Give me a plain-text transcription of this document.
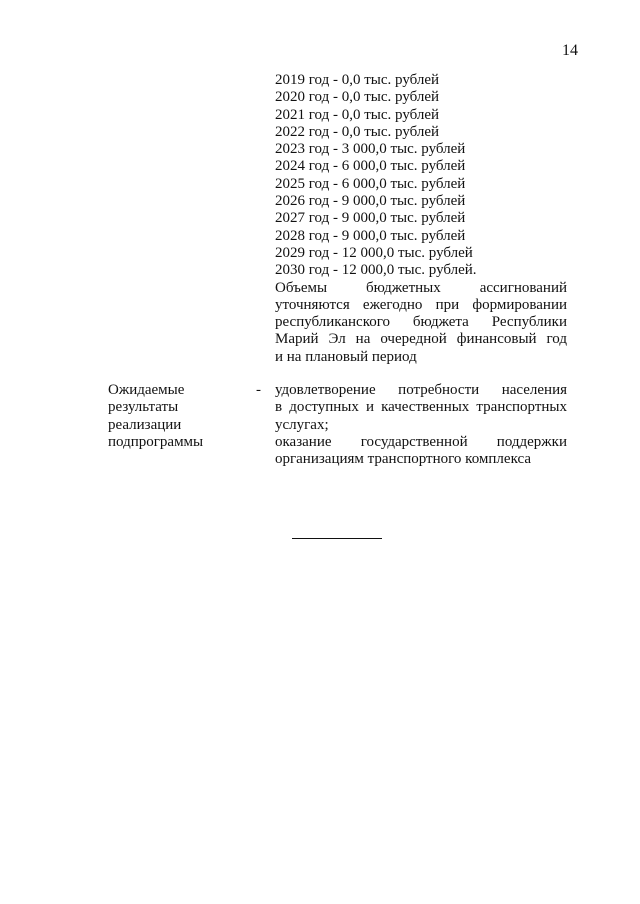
14
2019 год - 0,0 тыс. рублей
2020 год - 0,0 тыс. рублей
2021 год - 0,0 тыс. рублей
2022 год - 0,0 тыс. рублей
2023 год - 3 000,0 тыс. рублей
2024 год - 6 000,0 тыс. рублей
2025 год - 6 000,0 тыс. рублей
2026 год - 9 000,0 тыс. рублей
2027 год - 9 000,0 тыс. рублей
2028 год - 9 000,0 тыс. рублей
2029 год - 12 000,0 тыс. рублей
2030 год - 12 000,0 тыс. рублей.
Объемы бюджетных ассигнований
уточняются ежегодно при формировании
республиканского бюджета Республики
Марий Эл на очередной финансовый год
и на плановый период
Ожидаемые
результаты
реализации
подпрограммы
- удовлетворение потребности населения
в доступных и качественных транспортных
услугах;
оказание государственной поддержки
организациям транспортного комплекса
